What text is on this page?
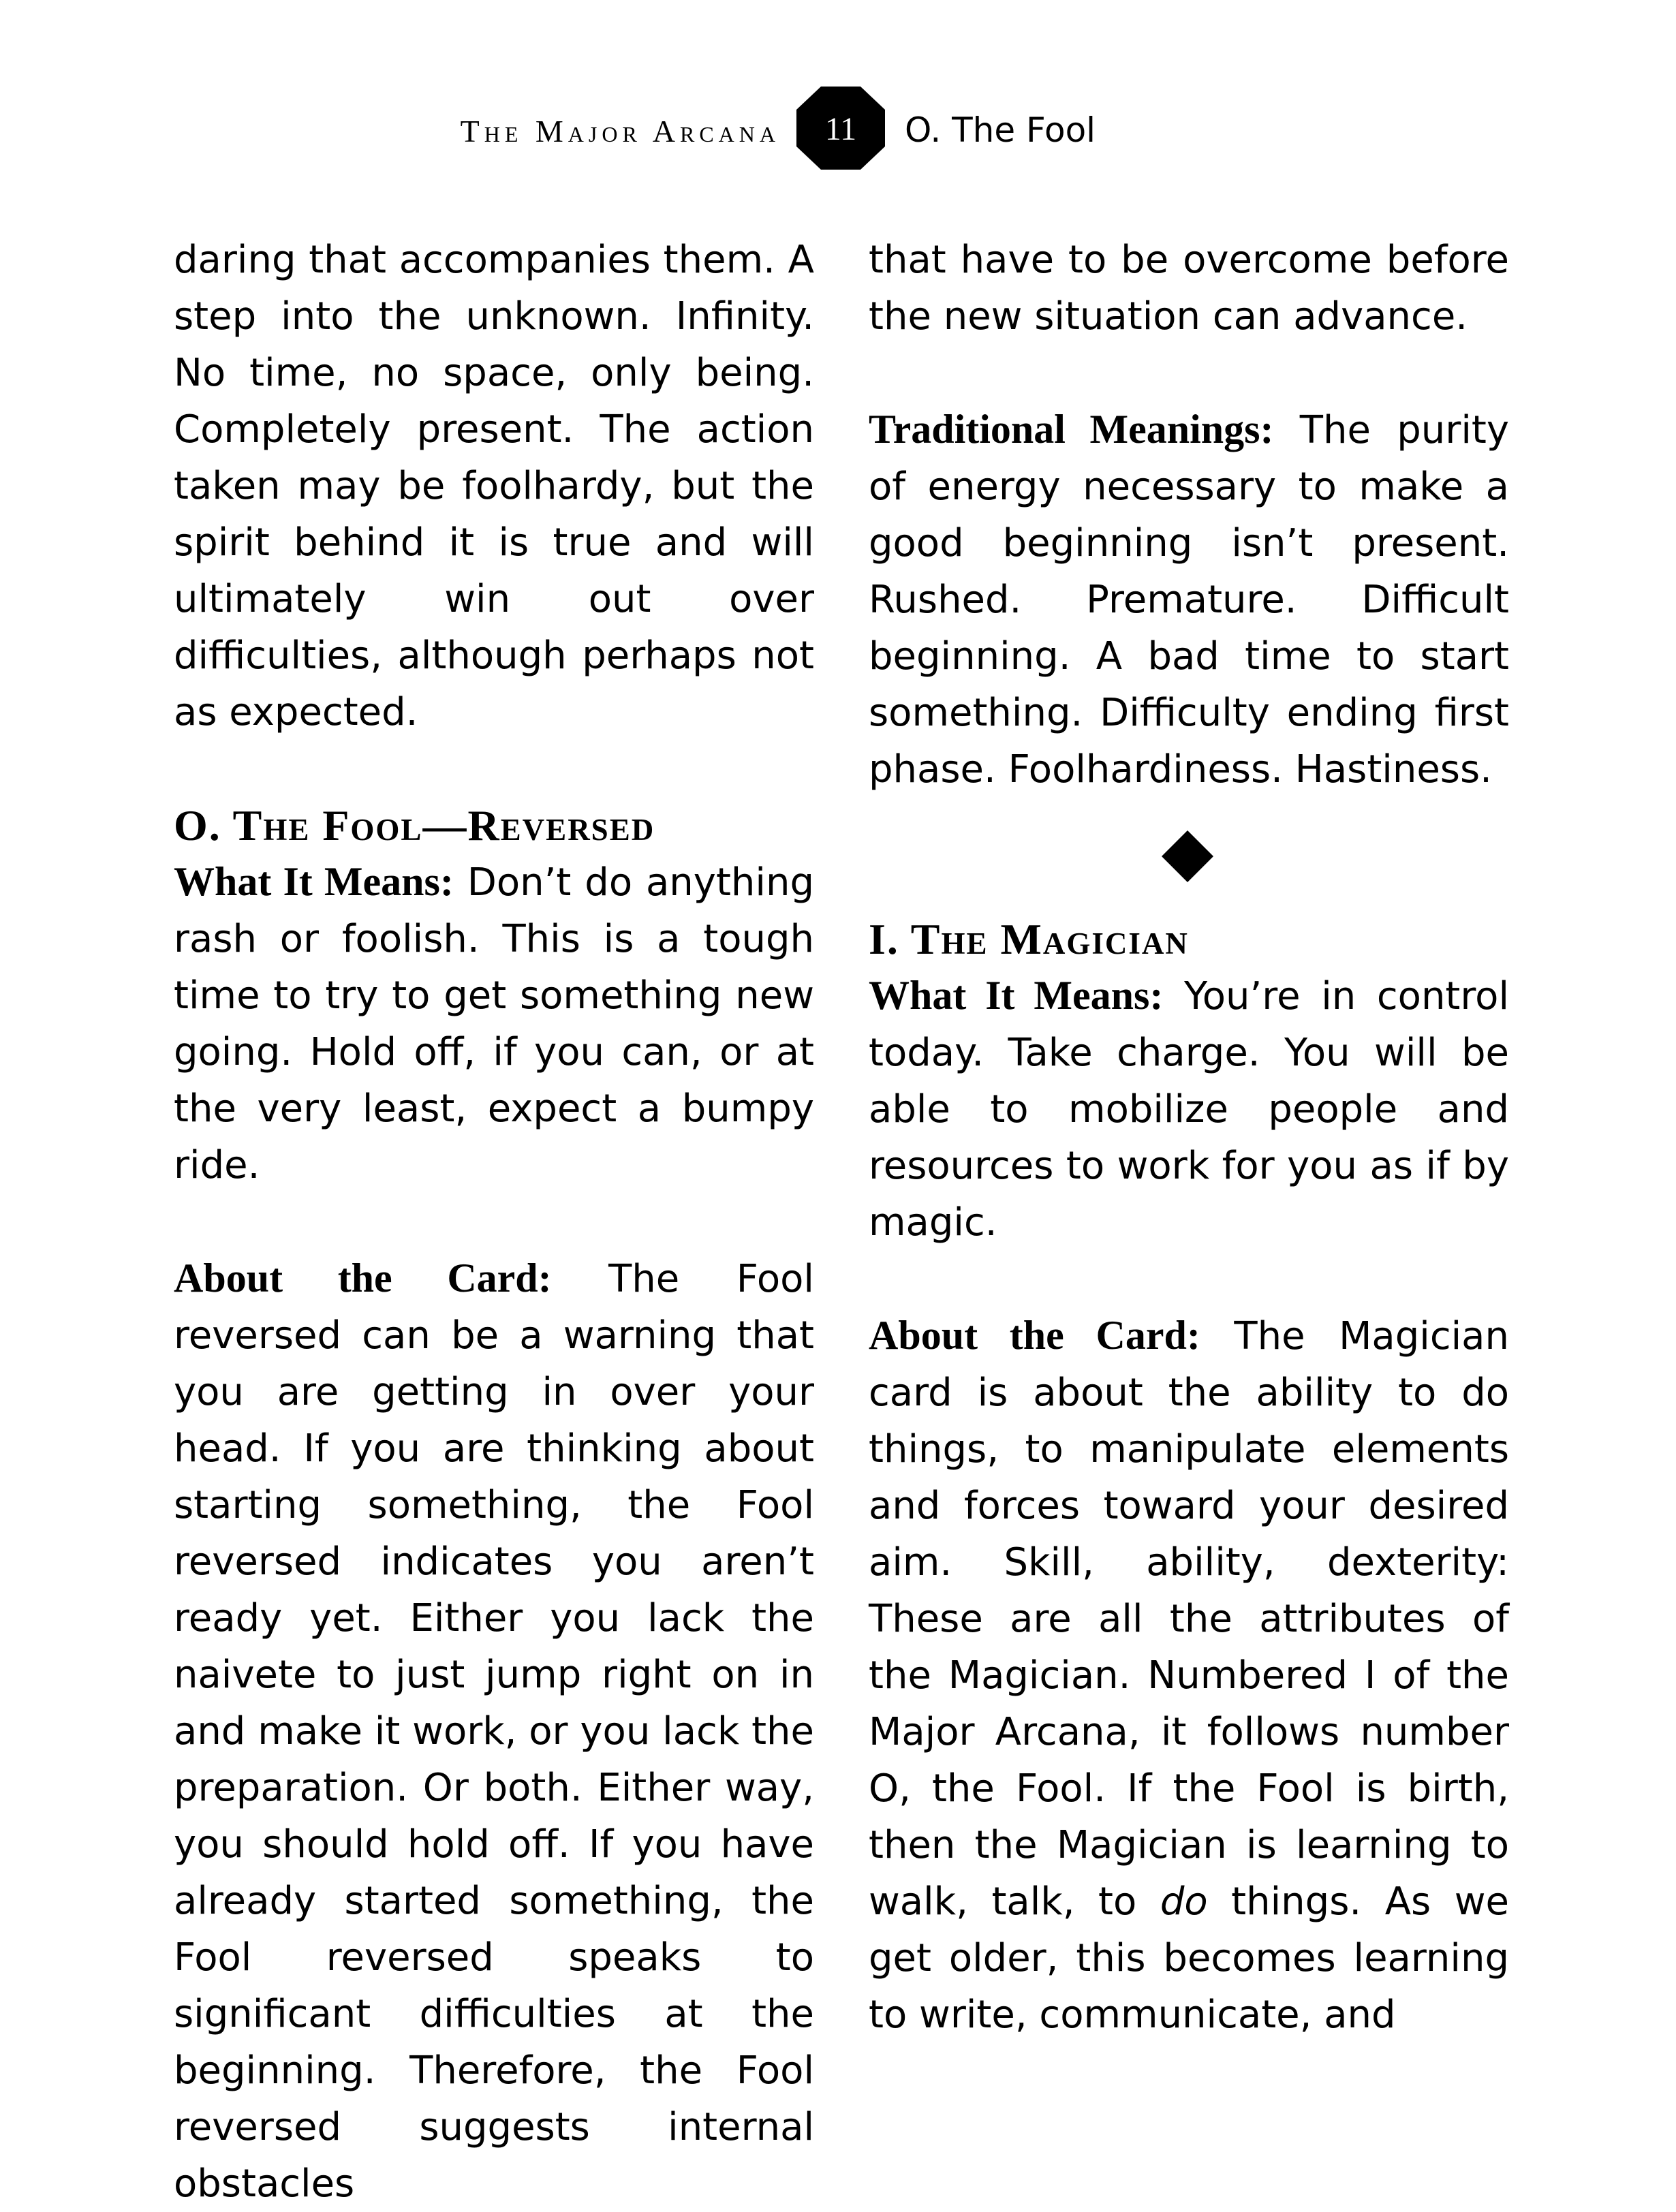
The Major Arcana 11 O. The Fool

daring that accompanies them. A step into the unknown. Infinity. No time, no space, only being. Completely present. The action taken may be foolhardy, but the spirit behind it is true and will ultimately win out over difficulties, although perhaps not as expected.

O. The Fool—Reversed

What It Means: Don’t do anything rash or foolish. This is a tough time to try to get something new going. Hold off, if you can, or at the very least, expect a bumpy ride.

About the Card: The Fool reversed can be a warning that you are getting in over your head. If you are thinking about starting something, the Fool reversed indicates you aren’t ready yet. Either you lack the naivete to just jump right on in and make it work, or you lack the preparation. Or both. Either way, you should hold off. If you have already started something, the Fool reversed speaks to significant difficulties at the beginning. Therefore, the Fool reversed suggests internal obstacles

that have to be overcome before the new situation can advance.

Traditional Meanings: The purity of energy necessary to make a good beginning isn’t present. Rushed. Premature. Difficult beginning. A bad time to start something. Difficulty ending first phase. Foolhardiness. Hastiness.

I. The Magician

What It Means: You’re in control today. Take charge. You will be able to mobilize people and resources to work for you as if by magic.

About the Card: The Magician card is about the ability to do things, to manipulate elements and forces toward your desired aim. Skill, ability, dexterity: These are all the attributes of the Magician. Numbered I of the Major Arcana, it follows number O, the Fool. If the Fool is birth, then the Magician is learning to walk, talk, to do things. As we get older, this becomes learning to write, communicate, and
